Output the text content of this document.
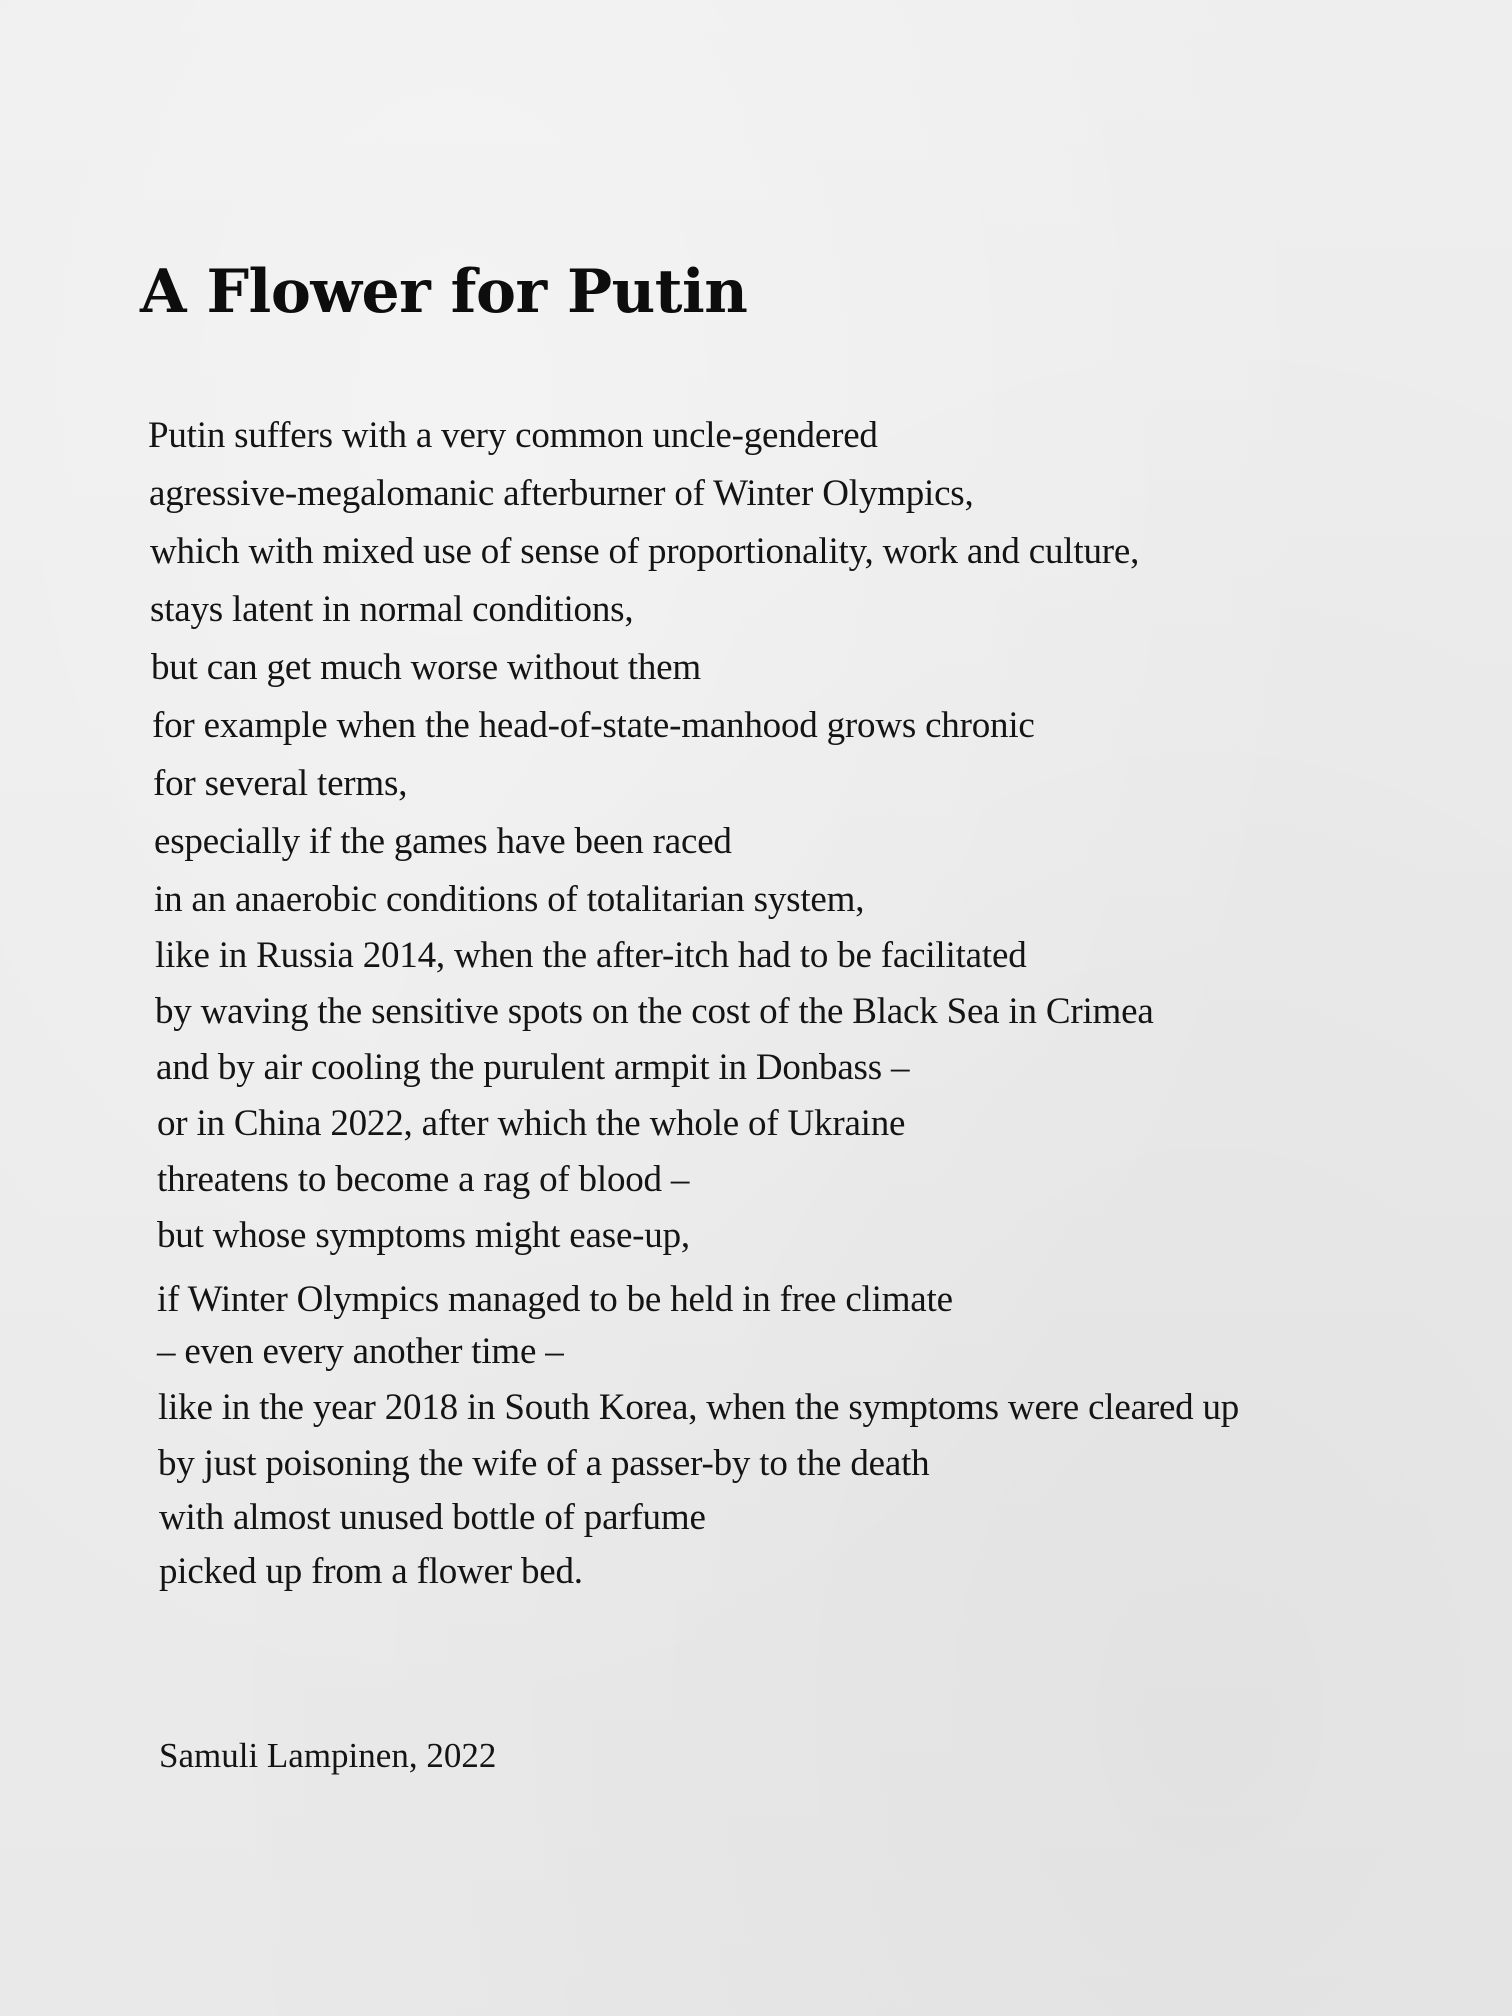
A Flower for Putin
Putin suffers with a very common uncle-gendered
agressive-megalomanic afterburner of Winter Olympics,
which with mixed use of sense of proportionality, work and culture,
stays latent in normal conditions,
but can get much worse without them
for example when the head-of-state-manhood grows chronic
for several terms,
especially if the games have been raced
in an anaerobic conditions of totalitarian system,
like in Russia 2014, when the after-itch had to be facilitated
by waving the sensitive spots on the cost of the Black Sea in Crimea
and by air cooling the purulent armpit in Donbass –
or in China 2022, after which the whole of Ukraine
threatens to become a rag of blood –
but whose symptoms might ease-up,
if Winter Olympics managed to be held in free climate
– even every another time –
like in the year 2018 in South Korea, when the symptoms were cleared up
by just poisoning the wife of a passer-by to the death
with almost unused bottle of parfume
picked up from a flower bed.

Samuli Lampinen, 2022
